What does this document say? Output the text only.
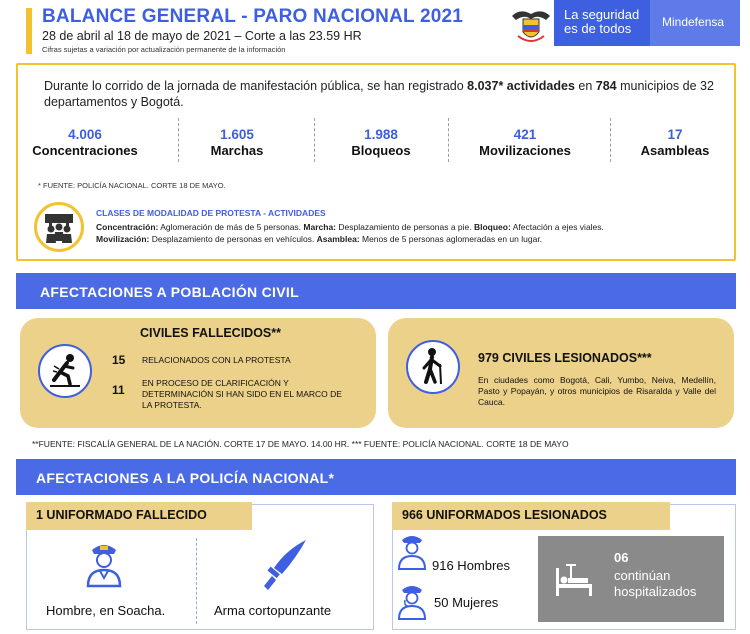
BALANCE GENERAL - PARO NACIONAL 2021
28 de abril al 18 de mayo de 2021 – Corte a las 23.59 HR
Cifras sujetas a variación por actualización permanente de la información
La seguridad
es de todos	Mindefensa
Durante lo corrido de la jornada de manifestación pública, se han registrado 8.037* actividades en 784 municipios de 32 departamentos y Bogotá.
4.006
Concentraciones
1.605
Marchas
1.988
Bloqueos
421
Movilizaciones
17
Asambleas
* FUENTE: POLICÍA NACIONAL. CORTE 18 DE MAYO.
CLASES DE MODALIDAD DE PROTESTA - ACTIVIDADES
Concentración: Aglomeración de más de 5 personas. Marcha: Desplazamiento de personas a pie. Bloqueo: Afectación a ejes viales.
Movilización: Desplazamiento de personas en vehículos. Asamblea: Menos de 5 personas aglomeradas en un lugar.
AFECTACIONES A POBLACIÓN CIVIL
CIVILES FALLECIDOS**
15 RELACIONADOS CON LA PROTESTA
11 EN PROCESO DE CLARIFICACIÓN Y DETERMINACIÓN SI HAN SIDO EN EL MARCO DE LA PROTESTA.
979 CIVILES LESIONADOS***
En ciudades como Bogotá, Cali, Yumbo, Neiva, Medellín, Pasto y Popayán, y otros municipios de Risaralda y Valle del Cauca.
**FUENTE: FISCALÍA GENERAL DE LA NACIÓN. CORTE 17 DE MAYO. 14.00 HR. *** FUENTE: POLICÍA NACIONAL. CORTE 18 DE MAYO
AFECTACIONES A LA POLICÍA NACIONAL*
1 UNIFORMADO FALLECIDO
Hombre, en Soacha.	Arma cortopunzante
966 UNIFORMADOS LESIONADOS
916 Hombres
50 Mujeres
06
continúan
hospitalizados
